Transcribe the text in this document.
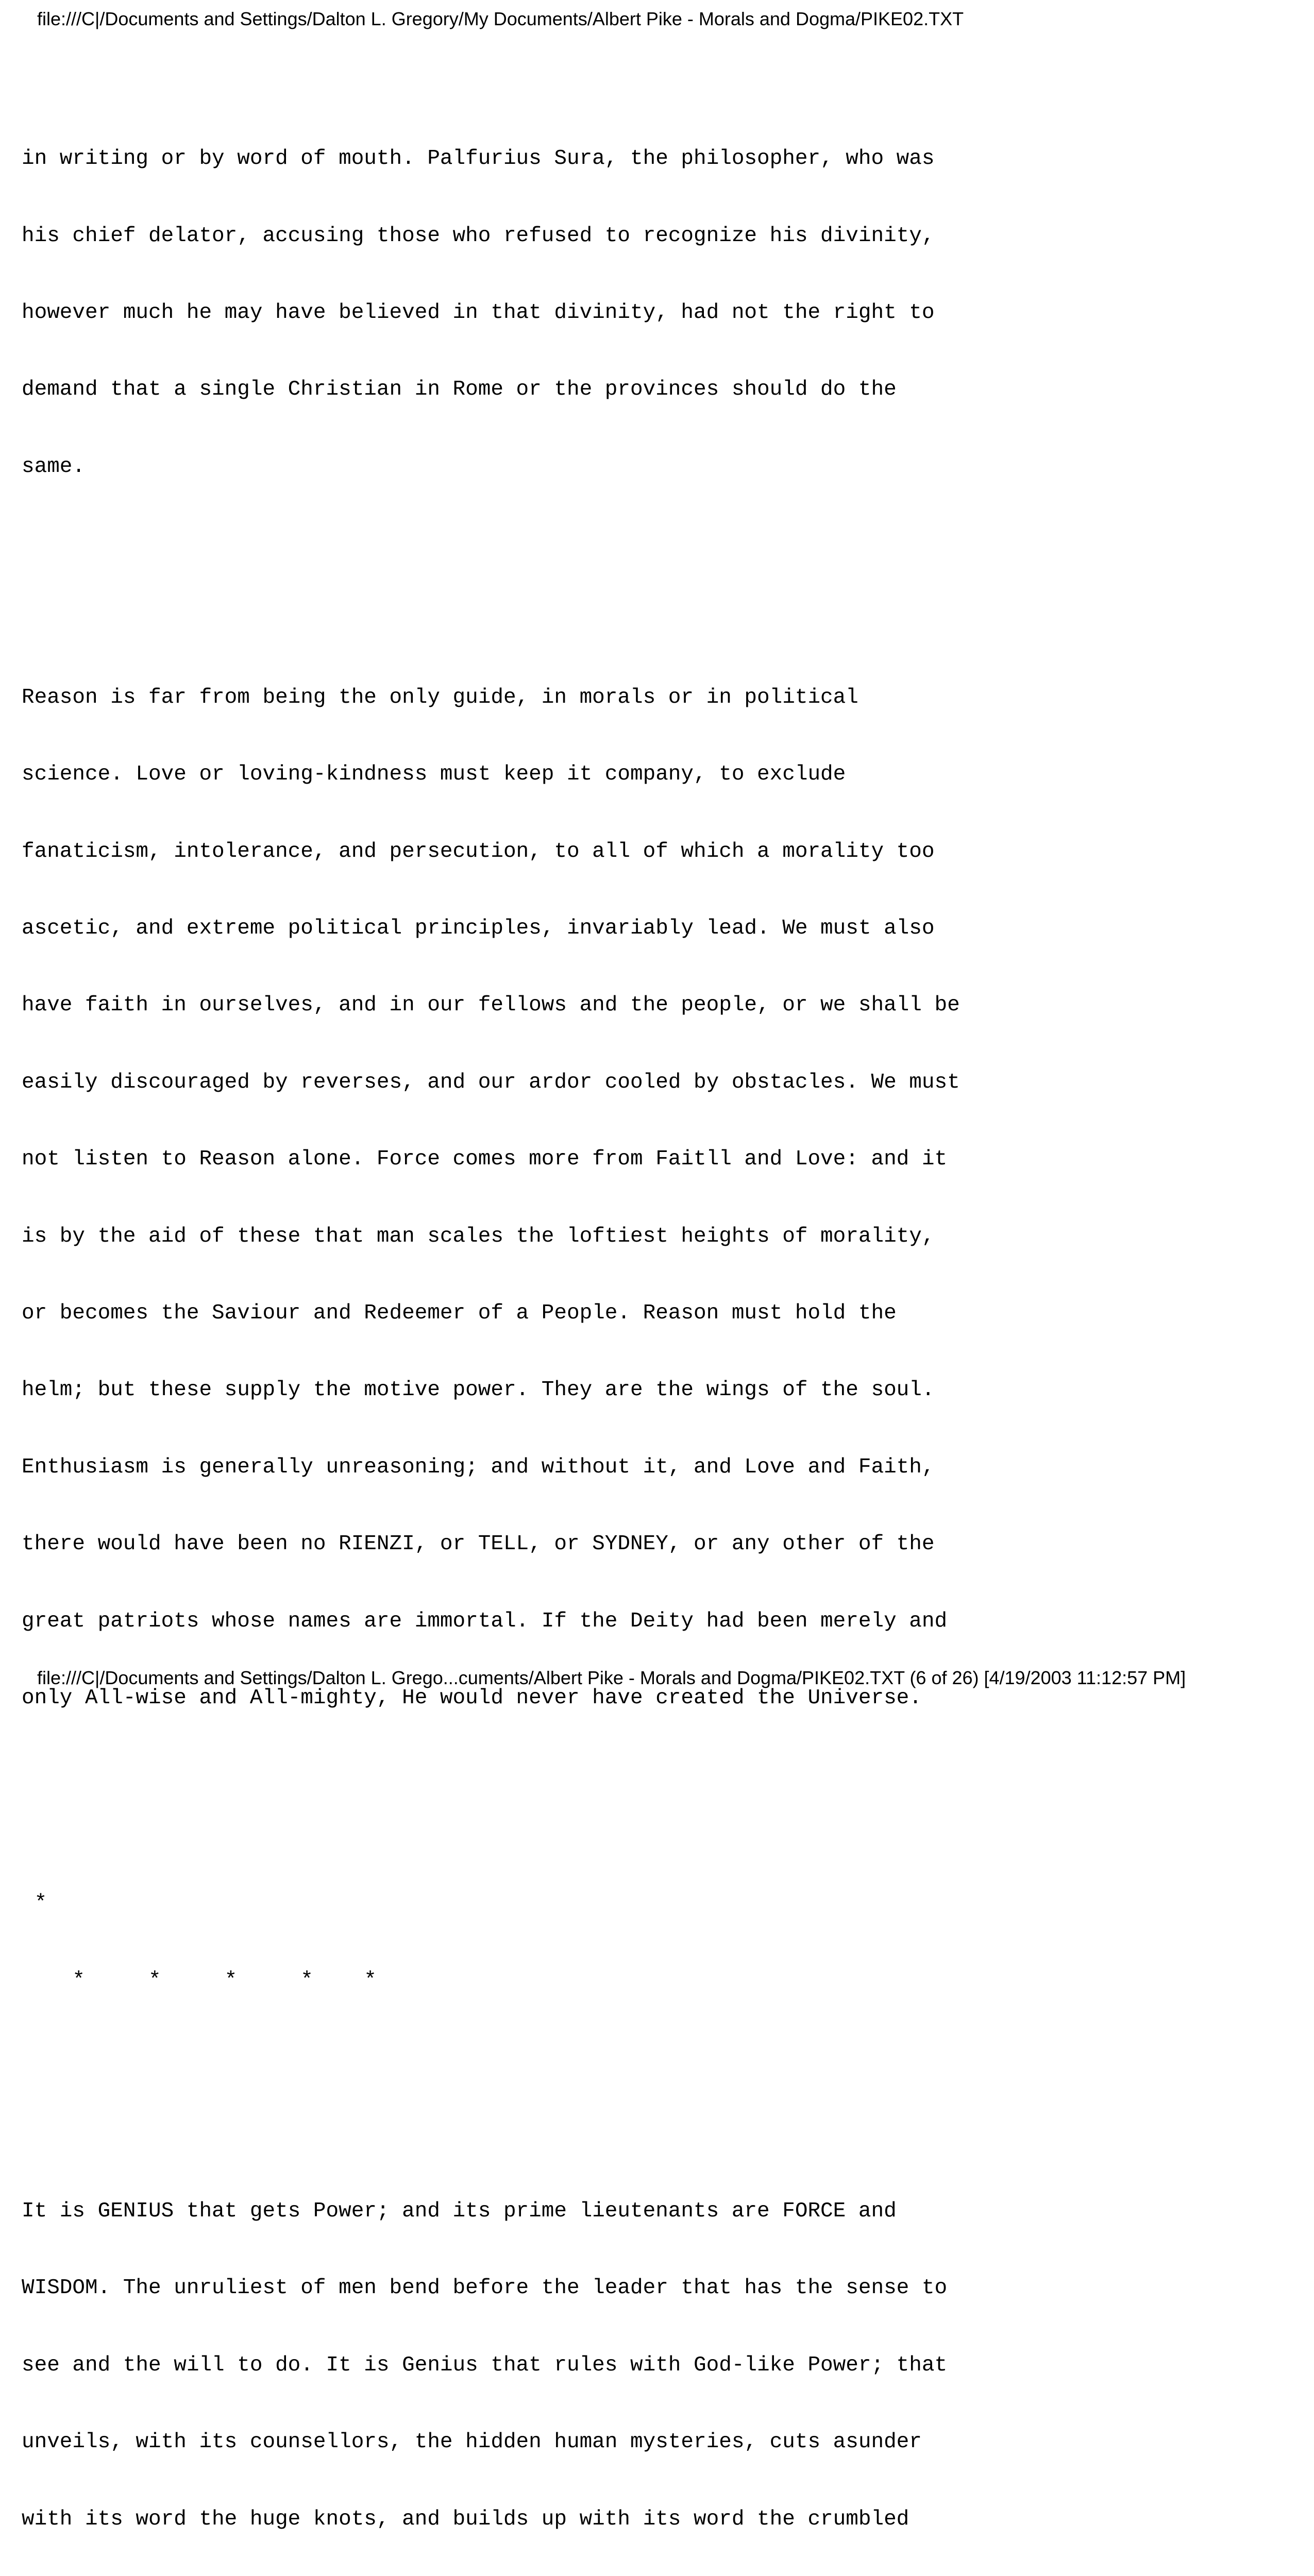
file:///C|/Documents and Settings/Dalton L. Gregory/My Documents/Albert Pike - Morals and Dogma/PIKE02.TXT

in writing or by word of mouth. Palfurius Sura, the philosopher, who was

his chief delator, accusing those who refused to recognize his divinity,

however much he may have believed in that divinity, had not the right to

demand that a single Christian in Rome or the provinces should do the

same.

Reason is far from being the only guide, in morals or in political

science. Love or loving-kindness must keep it company, to exclude

fanaticism, intolerance, and persecution, to all of which a morality too

ascetic, and extreme political principles, invariably lead. We must also

have faith in ourselves, and in our fellows and the people, or we shall be

easily discouraged by reverses, and our ardor cooled by obstacles. We must

not listen to Reason alone. Force comes more from Faitll and Love: and it

is by the aid of these that man scales the loftiest heights of morality,

or becomes the Saviour and Redeemer of a People. Reason must hold the

helm; but these supply the motive power. They are the wings of the soul.

Enthusiasm is generally unreasoning; and without it, and Love and Faith,

there would have been no RIENZI, or TELL, or SYDNEY, or any other of the

great patriots whose names are immortal. If the Deity had been merely and

only All-wise and All-mighty, He would never have created the Universe.

*

*     *     *     *    *

It is GENIUS that gets Power; and its prime lieutenants are FORCE and

WISDOM. The unruliest of men bend before the leader that has the sense to

see and the will to do. It is Genius that rules with God-like Power; that

unveils, with its counsellors, the hidden human mysteries, cuts asunder

with its word the huge knots, and builds up with its word the crumbled

file:///C|/Documents and Settings/Dalton L. Grego...cuments/Albert Pike - Morals and Dogma/PIKE02.TXT (6 of 26) [4/19/2003 11:12:57 PM]
